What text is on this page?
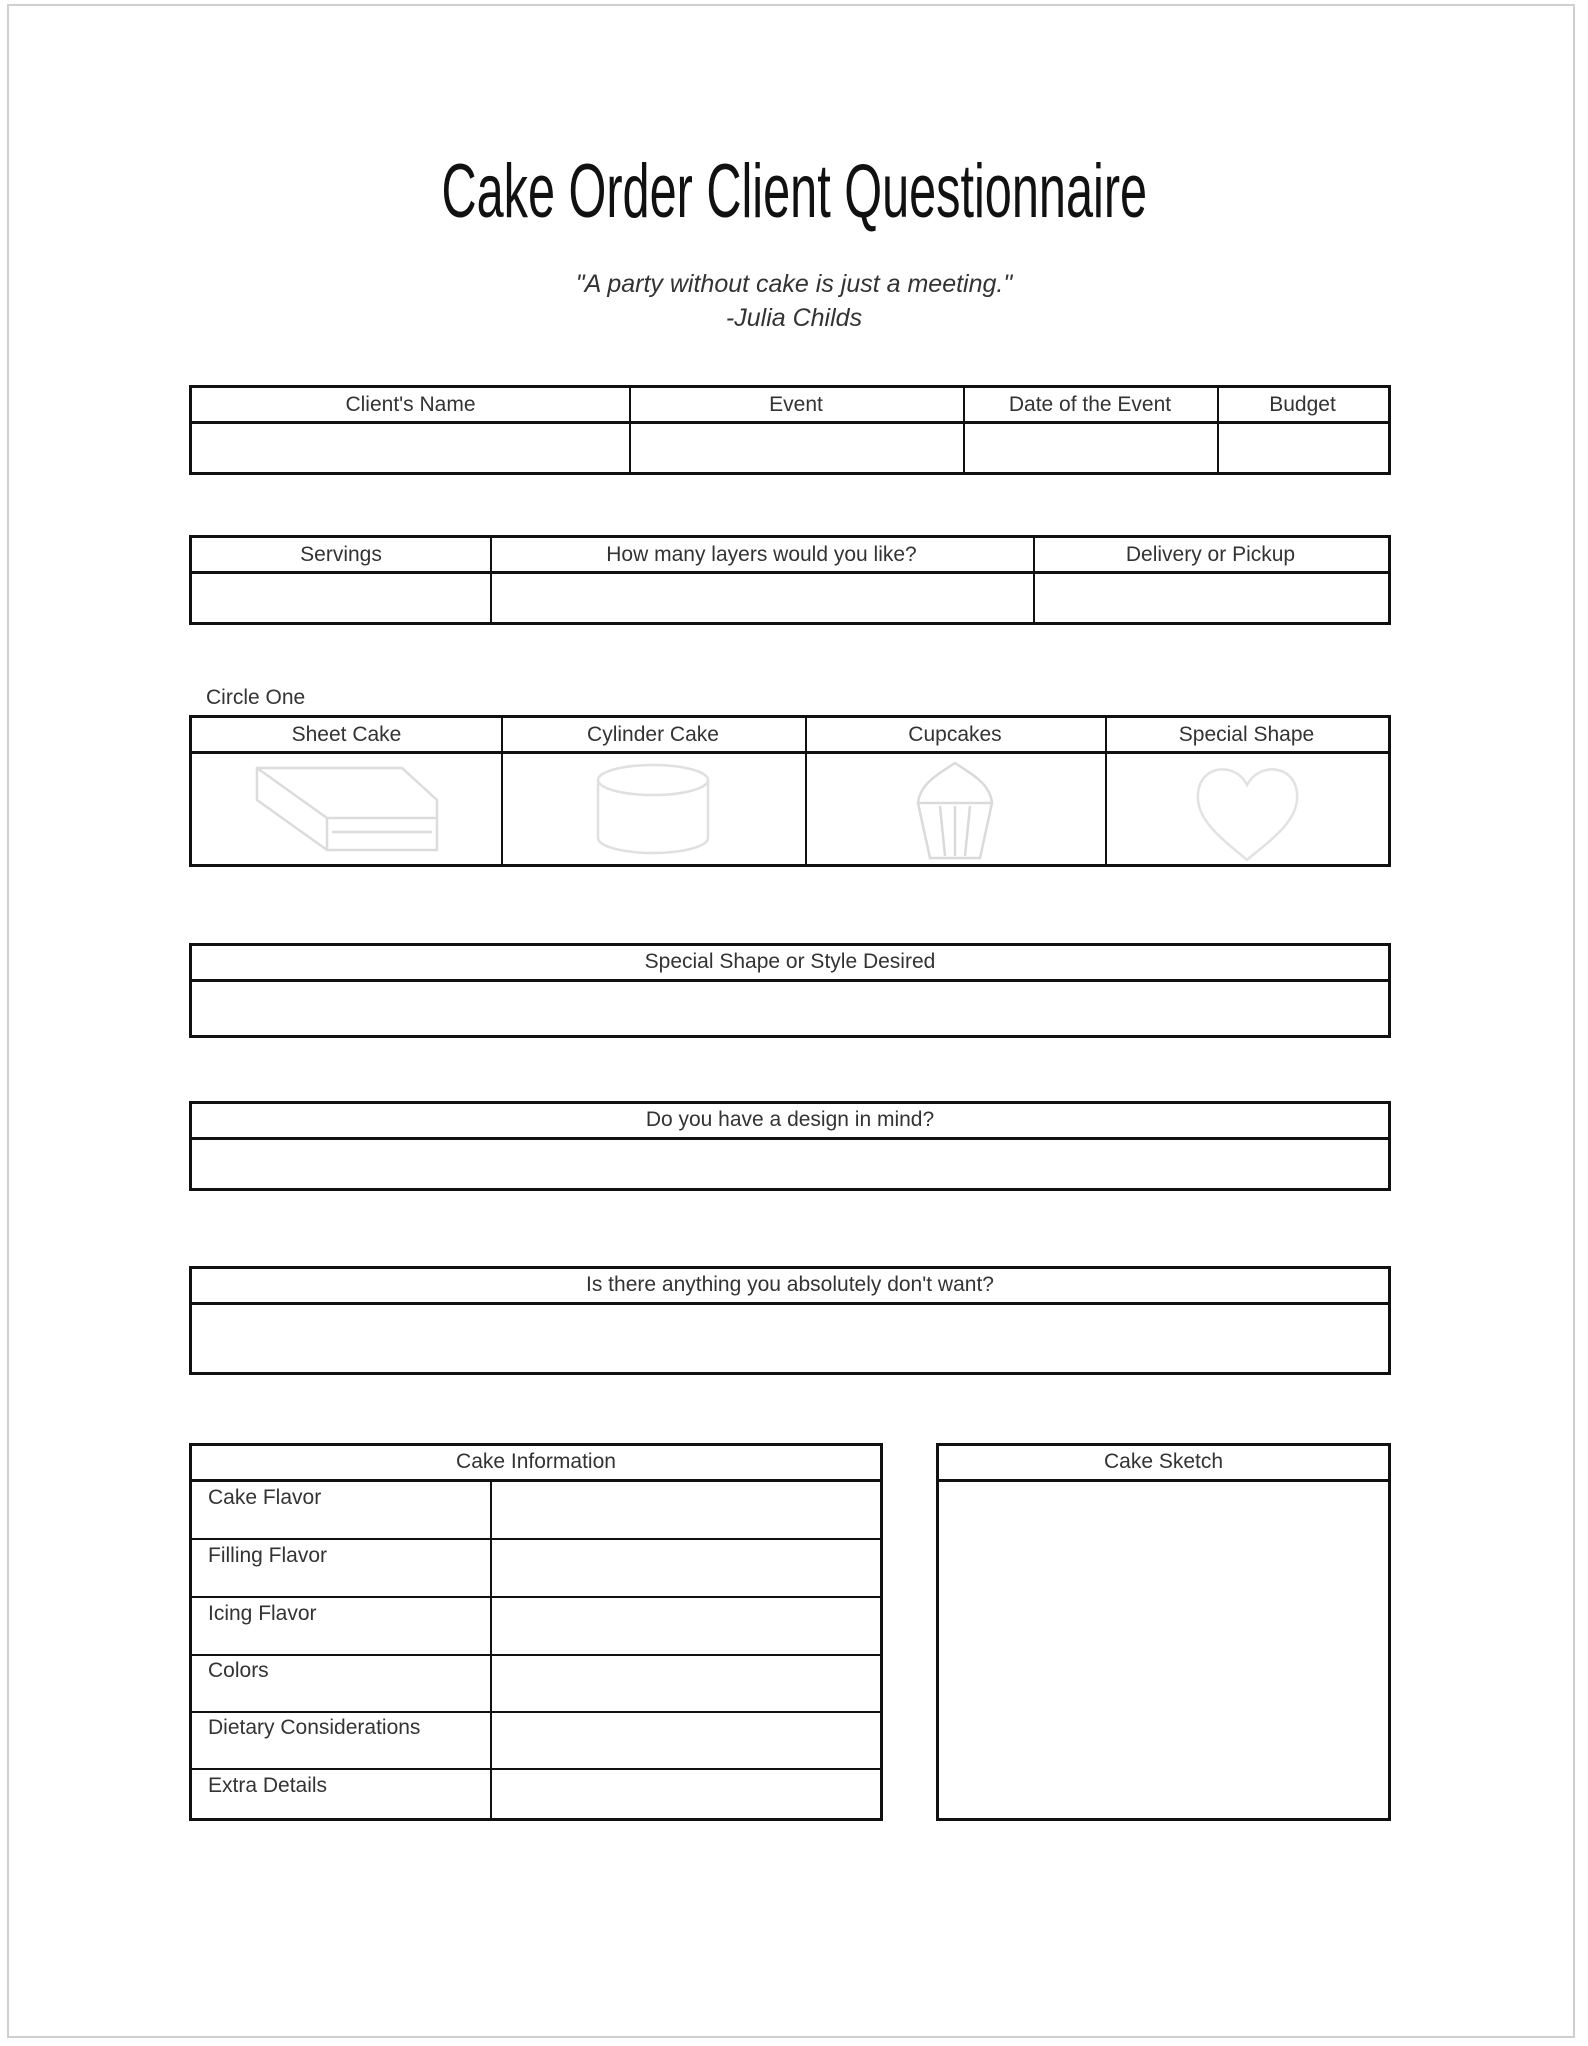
Cake Order Client Questionnaire
"A party without cake is just a meeting."
-Julia Childs
Client's Name	Event	Date of the Event	Budget
Servings	How many layers would you like?	Delivery or Pickup
Circle One
Sheet Cake	Cylinder Cake	Cupcakes	Special Shape
Special Shape or Style Desired
Do you have a design in mind?
Is there anything you absolutely don't want?
Cake Information
Cake Flavor
Filling Flavor
Icing Flavor
Colors
Dietary Considerations
Extra Details
Cake Sketch
